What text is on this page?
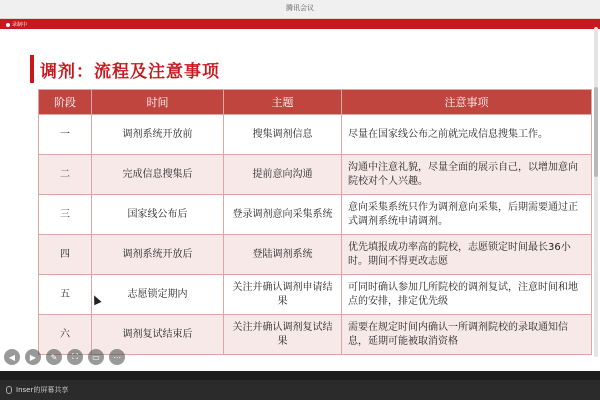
腾讯会议
录制中
调剂：流程及注意事项
阶段	时间	主题	注意事项
一	调剂系统开放前	搜集调剂信息	尽量在国家线公布之前就完成信息搜集工作。
二	完成信息搜集后	提前意向沟通	沟通中注意礼貌，尽量全面的展示自己，以增加意向院校对个人兴趣。
三	国家线公布后	登录调剂意向采集系统	意向采集系统只作为调剂意向采集，后期需要通过正式调剂系统申请调剂。
四	调剂系统开放后	登陆调剂系统	优先填报成功率高的院校，志愿锁定时间最长36小时。期间不得更改志愿
五	志愿锁定期内	关注并确认调剂申请结果	可同时确认参加几所院校的调剂复试，注意时间和地点的安排，排定优先级
六	调剂复试结束后	关注并确认调剂复试结果	需要在规定时间内确认一所调剂院校的录取通知信息，延期可能被取消资格
◀	▶	✎	⛶	▭	⋯
Inser的屏幕共享
